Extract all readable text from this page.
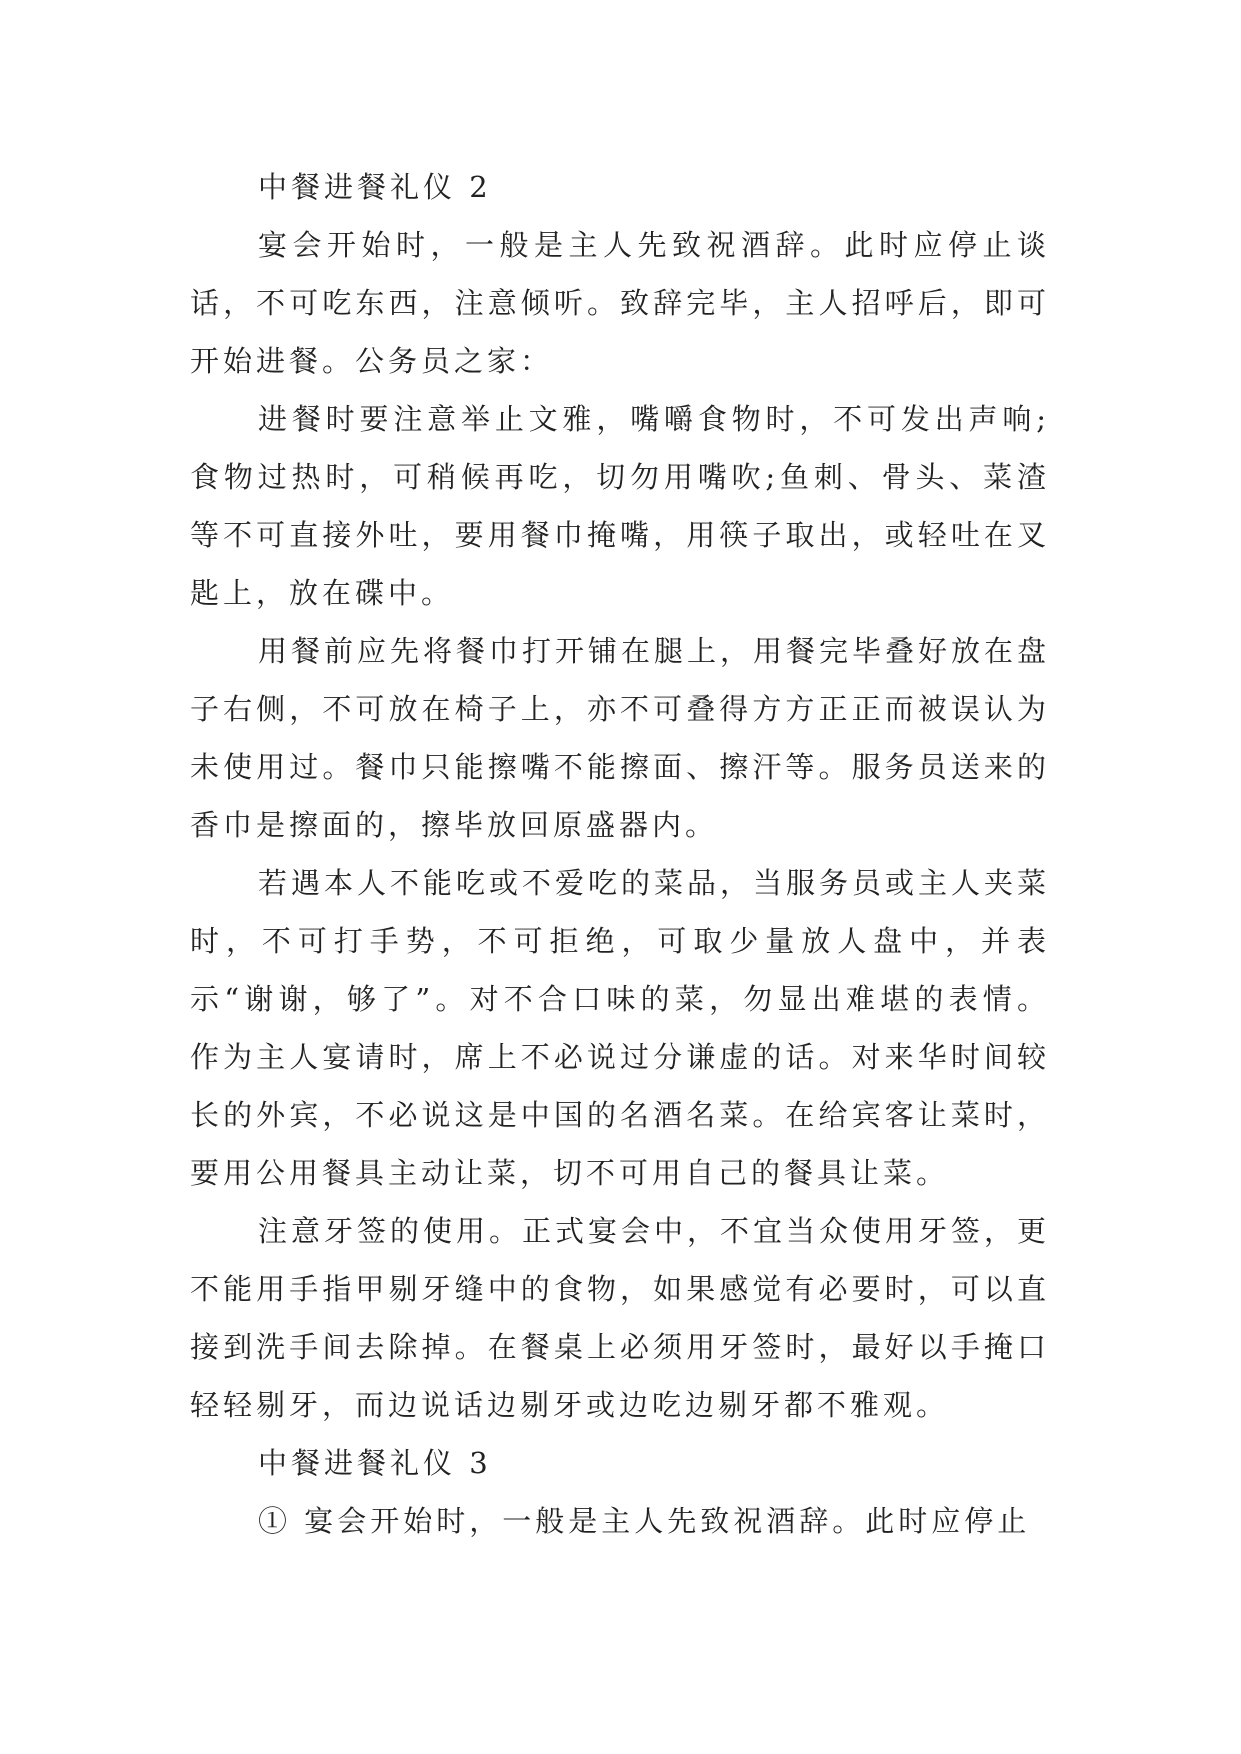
中餐进餐礼仪 2

宴会开始时，一般是主人先致祝酒辞。此时应停止谈话，不可吃东西，注意倾听。致辞完毕，主人招呼后，即可开始进餐。公务员之家：

进餐时要注意举止文雅，嘴嚼食物时，不可发出声响;食物过热时，可稍候再吃，切勿用嘴吹;鱼刺、骨头、菜渣等不可直接外吐，要用餐巾掩嘴，用筷子取出，或轻吐在叉匙上，放在碟中。

用餐前应先将餐巾打开铺在腿上，用餐完毕叠好放在盘子右侧，不可放在椅子上，亦不可叠得方方正正而被误认为未使用过。餐巾只能擦嘴不能擦面、擦汗等。服务员送来的香巾是擦面的，擦毕放回原盛器内。

若遇本人不能吃或不爱吃的菜品，当服务员或主人夹菜时，不可打手势，不可拒绝，可取少量放人盘中，并表示“谢谢，够了”。对不合口味的菜，勿显出难堪的表情。作为主人宴请时，席上不必说过分谦虚的话。对来华时间较长的外宾，不必说这是中国的名酒名菜。在给宾客让菜时，要用公用餐具主动让菜，切不可用自己的餐具让菜。

注意牙签的使用。正式宴会中，不宜当众使用牙签，更不能用手指甲剔牙缝中的食物，如果感觉有必要时，可以直接到洗手间去除掉。在餐桌上必须用牙签时，最好以手掩口轻轻剔牙，而边说话边剔牙或边吃边剔牙都不雅观。

中餐进餐礼仪 3

① 宴会开始时，一般是主人先致祝酒辞。此时应停止
